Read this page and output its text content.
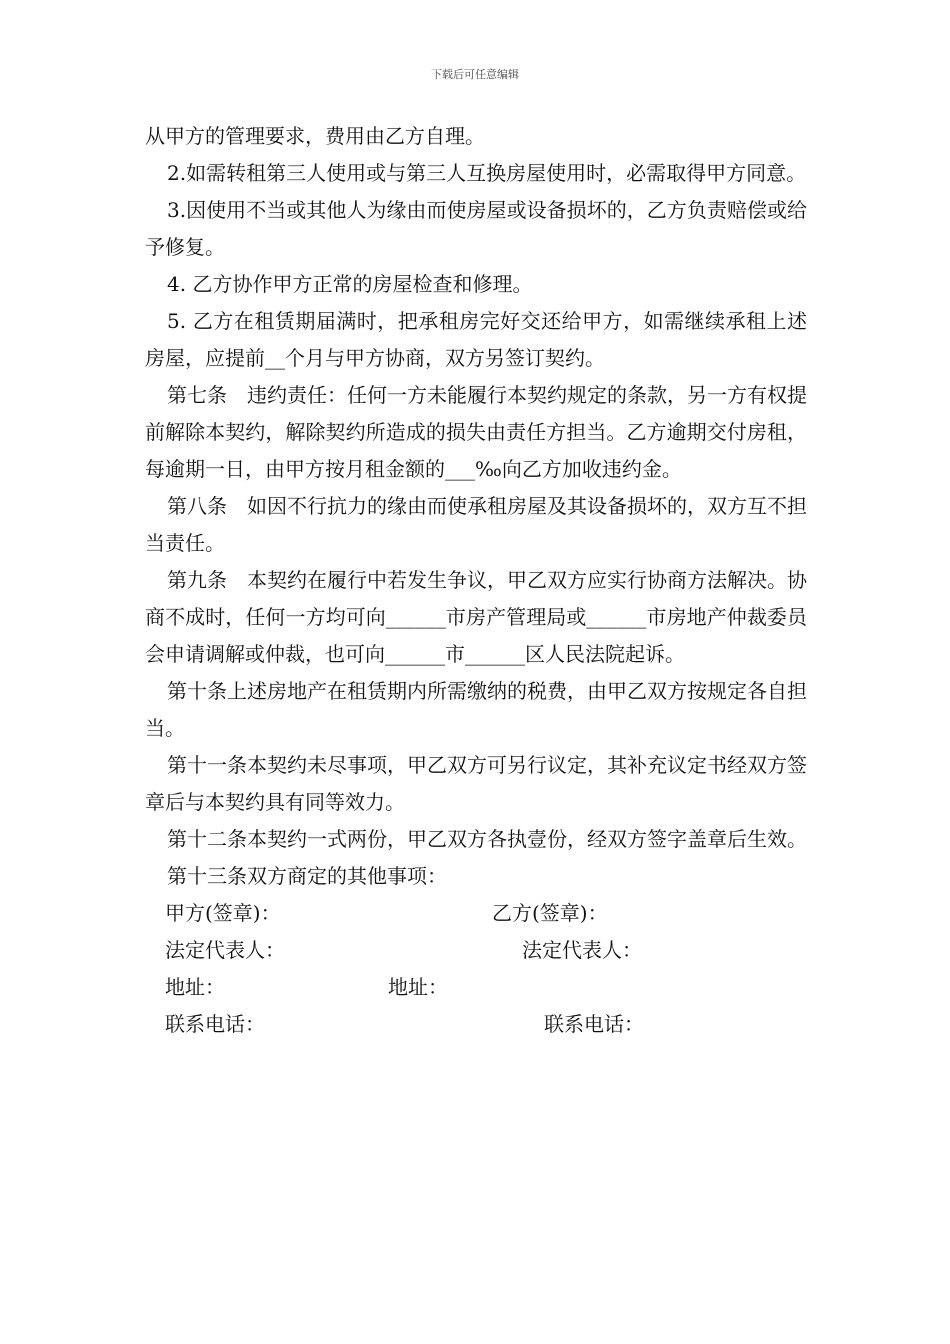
下载后可任意编辑

从甲方的管理要求，费用由乙方自理。

2.如需转租第三人使用或与第三人互换房屋使用时，必需取得甲方同意。

3.因使用不当或其他人为缘由而使房屋或设备损坏的，乙方负责赔偿或给予修复。

4. 乙方协作甲方正常的房屋检查和修理。

5. 乙方在租赁期届满时，把承租房完好交还给甲方，如需继续承租上述房屋，应提前__个月与甲方协商，双方另签订契约。

第七条　违约责任：任何一方未能履行本契约规定的条款，另一方有权提前解除本契约，解除契约所造成的损失由责任方担当。乙方逾期交付房租，每逾期一日，由甲方按月租金额的___‰向乙方加收违约金。

第八条　如因不行抗力的缘由而使承租房屋及其设备损坏的，双方互不担当责任。

第九条　本契约在履行中若发生争议，甲乙双方应实行协商方法解决。协商不成时，任何一方均可向______市房产管理局或______市房地产仲裁委员会申请调解或仲裁，也可向______市______区人民法院起诉。

第十条上述房地产在租赁期内所需缴纳的税费，由甲乙双方按规定各自担当。

第十一条本契约未尽事项，甲乙双方可另行议定，其补充议定书经双方签章后与本契约具有同等效力。

第十二条本契约一式两份，甲乙双方各执壹份，经双方签字盖章后生效。

第十三条双方商定的其他事项：

甲方(签章)：	乙方(签章)：
法定代表人：	法定代表人：
地址：	地址：
联系电话：	联系电话：
